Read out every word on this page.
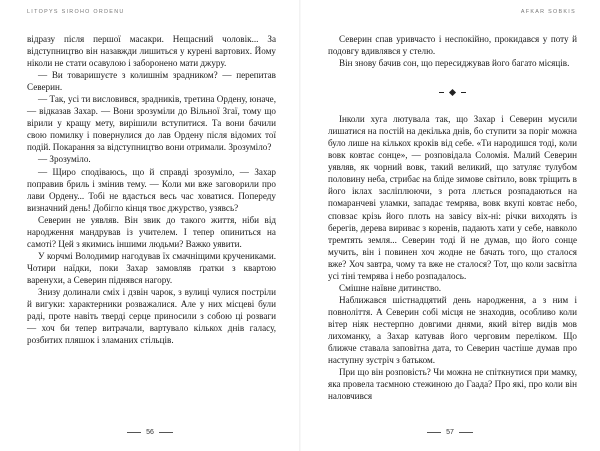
LITOPYS SIROHO ORDENU

відразу після першої масакри. Нещасний чоловік... За відступництво він назавжди лишиться у курені вартових. Йому ніколи не стати осавулою і заборонено мати джуру.

— Ви товаришуєте з колишнім зрадником? — перепитав Северин.

— Так, усі ти висловився, зрадників, третина Ордену, юначе, — відказав Захар. — Вони зрозуміли до Вільної Згаї, тому що вірили у кращу мету, вирішили вступитися. Та вони бачили свою помилку і повернулися до лав Ордену після відомих тої подій. Покарання за відступництво вони отримали. Зрозуміло?

— Зрозуміло.

— Щиро сподіваюсь, що й справді зрозуміло, — Захар поправив бриль і змінив тему. — Коли ми вже заговорили про лави Ордену... Тобі не вдасться весь час ховатися. Попереду визначний день! Добігло кінця твоє джурство, узявсь?

Северин не уявляв. Він звик до такого життя, ніби від народження мандрував із учителем. І тепер опиниться на самоті? Цей з якимись іншими людьми? Важко уявити.

У корчмі Володимир нагодував їх смачніщими кручениками. Чотири наїдки, поки Захар замовляв ґратки з квартою варенухи, а Северин піднявся нагору.

Знизу долинали сміх і дзвін чарок, з вулиці чулися постріли й вигуки: характерники розважалися. Але у них місцеві були раді, проте навіть тверді серце приносили з собою ці розваги — хоч би тепер витрачали, вартувало кількох днів галасу, розбитих пляшок і зламаних стільців.

56
AFKAR SOBKIS

Северин спав уривчасто і неспокійно, прокидався у поту й подовгу вдивлявся у стелю.

Він знову бачив сон, що пересиджував його багато місяців.

Інколи хуга лютувала так, що Захар і Северин мусили лишатися на постій на декілька днів, бо ступити за поріг можна було лише на кількох кроків від себе. «Ти народишся тоді, коли вовк ковтає сонце», — розповідала Соломія. Малий Северин уявляв, як чорний вовк, такий великий, що затуляє тулубом половину неба, стрибає на бліде зимове світило, вовк тріщить в його іклах засліплюючи, з рота ллється розпадаються на помаранчеві уламки, западає темрява, вовк вкупі ковтає небо, сповзає крізь його плоть на завісу віх-ні: річки виходять із берегів, дерева вириває з коренів, падають хати у себе, навколо тремтять земля... Северин тоді й не думав, що його сонце мучить, він і повинен хоч жодне не бачать того, що сталося вже? Хоч завтра, чому та вже не сталося? Тот, що коли засвітла усі тіні темрява і небо розпадалось.

Смішне наївне дитинство.

Наближався шістнадцятий день народження, а з ним і повноліття. А Северин собі місця не знаходив, особливо коли вітер ніяк нестерпно довгими днями, який вітер видів мов лихоманку, а Захар катував його черговим переліком. Що ближче ставала заповітна дата, то Северин частіше думав про наступну зустріч з батьком.

При що він розповість? Чи можна не спіткнутися при мамку, яка провела таємною стежиною до Гаада? Про які, про коли він наловчився

57
